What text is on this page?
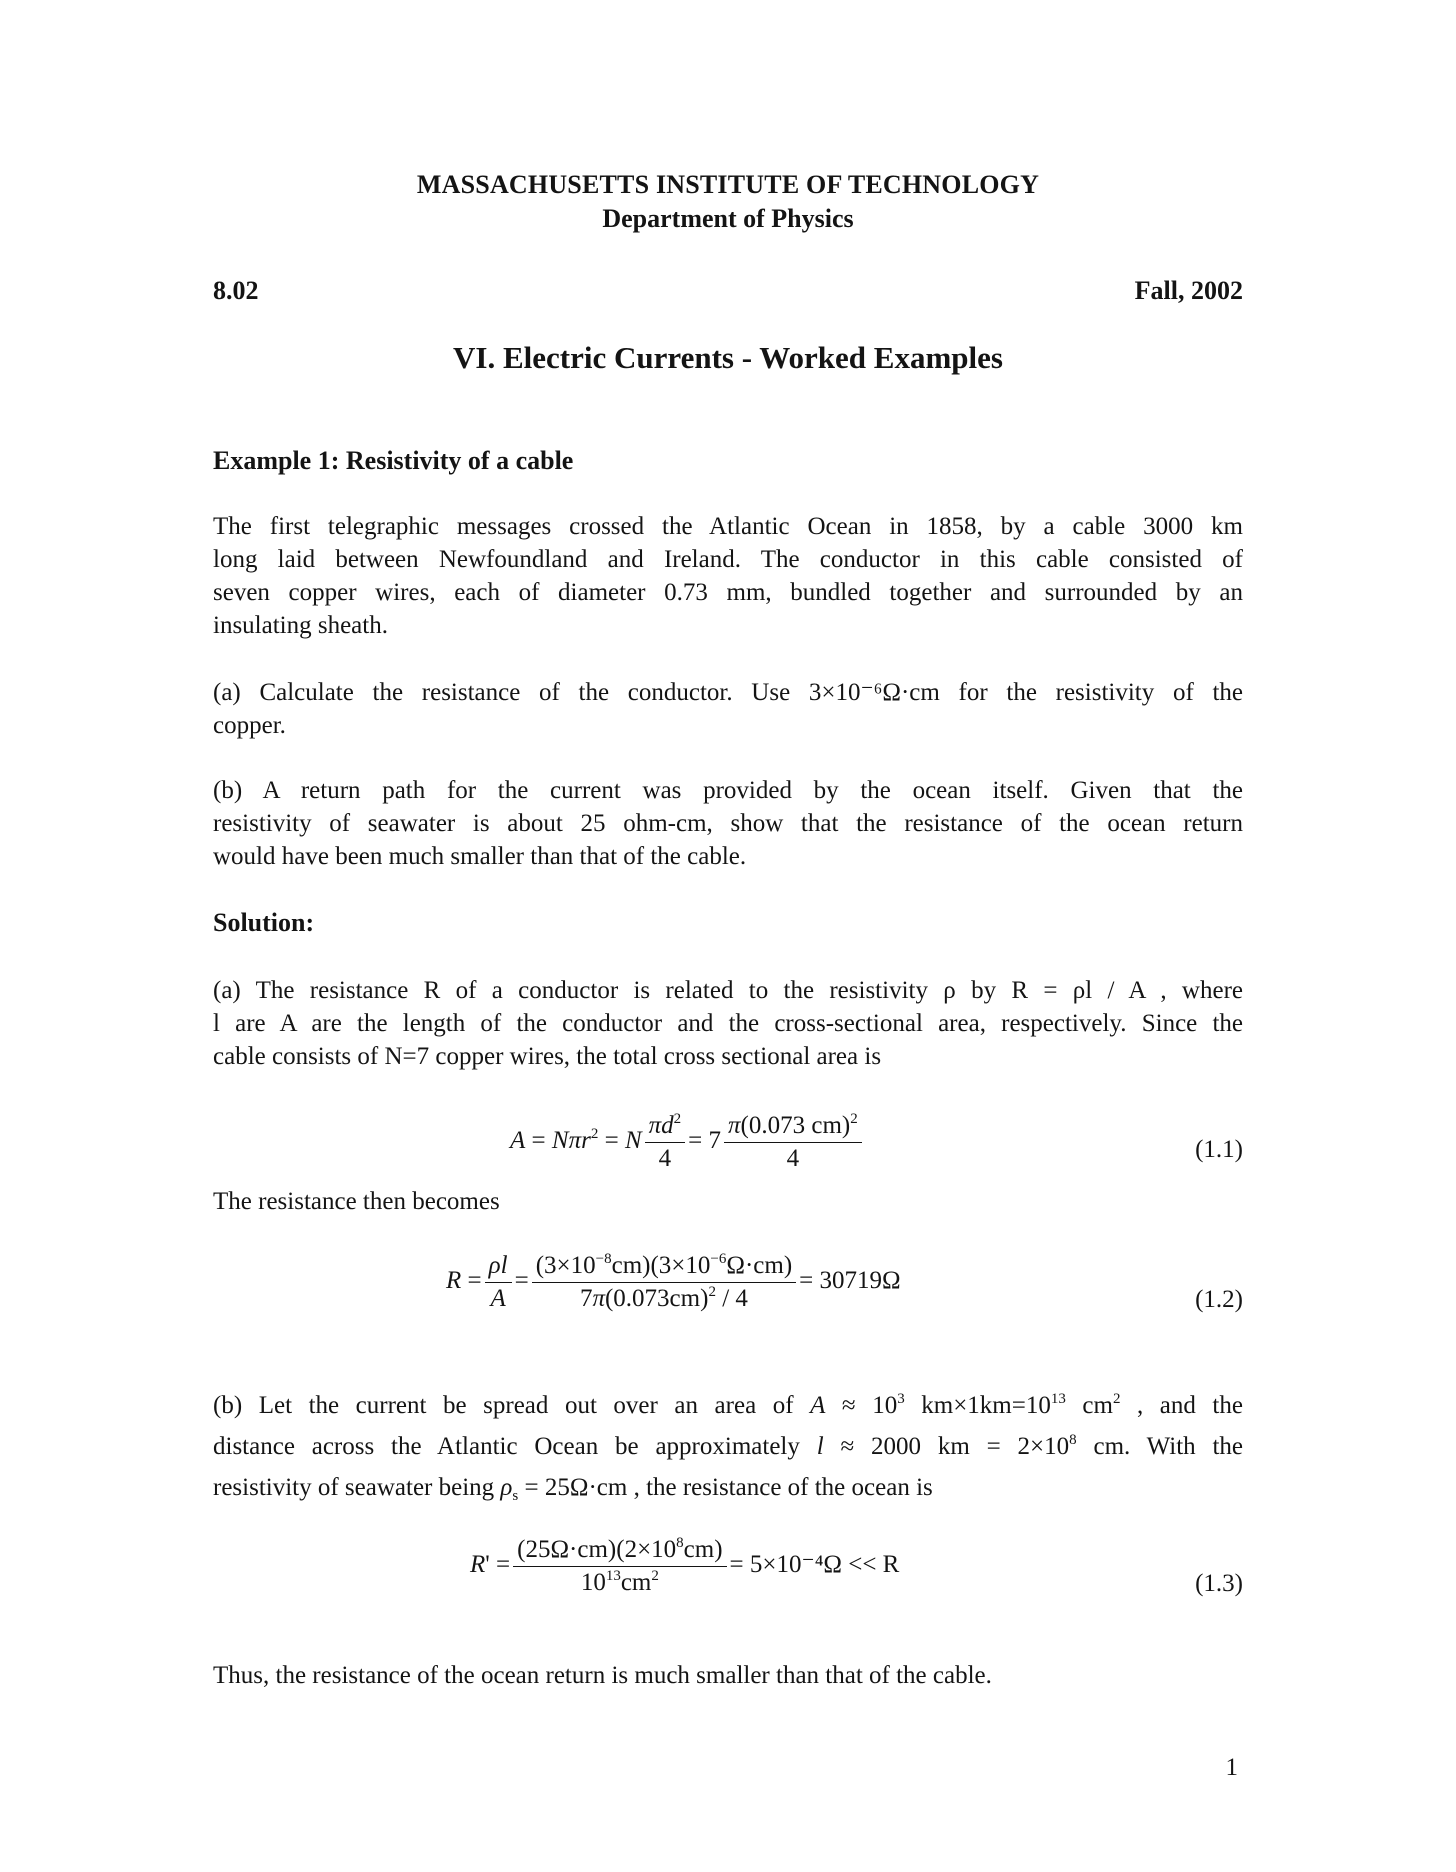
MASSACHUSETTS INSTITUTE OF TECHNOLOGY
Department of Physics
8.02	Fall, 2002
VI. Electric Currents - Worked Examples
Example 1: Resistivity of a cable
The first telegraphic messages crossed the Atlantic Ocean in 1858, by a cable 3000 km
long laid between Newfoundland and Ireland. The conductor in this cable consisted of
seven copper wires, each of diameter 0.73 mm, bundled together and surrounded by an
insulating sheath.
(a) Calculate the resistance of the conductor. Use 3×10⁻⁶Ω·cm for the resistivity of the
copper.
(b) A return path for the current was provided by the ocean itself. Given that the
resistivity of seawater is about 25 ohm-cm, show that the resistance of the ocean return
would have been much smaller than that of the cable.
Solution:
(a) The resistance R of a conductor is related to the resistivity ρ by R = ρl / A , where
l are A are the length of the conductor and the cross-sectional area, respectively. Since the
cable consists of N=7 copper wires, the total cross sectional area is
A = Nπr$^2$ = N $\frac{\pi d^2}{4} = 7 \frac{\pi(0.073 cm)^2}{4}$	(1.1)
The resistance then becomes
$R = \frac{\rho l}{A} = \frac{(3\times 10^{-8}cm)(3\times 10^{-6}\Omega\cdot cm)}{7\pi(0.073cm)^2 / 4} = 30719\Omega$
(1.2)
(b) Let the current be spread out over an area of $A \approx 10^3$ $km\times 1km=10^{13}$ $cm^2$ , and the
distance across the Atlantic Ocean be approximately l ≈ 2000 km = $2\times 10^8$ cm. With the
resistivity of seawater being $\rho_s = 25\Omega\cdot cm$ , the resistance of the ocean is
$R' = \frac{(25\Omega\cdot cm)(2\times 10^8cm)}{10^{13}cm^2} = 5\times 10^{-4}\Omega << R$
(1.3)
Thus, the resistance of the ocean return is much smaller than that of the cable.
1
